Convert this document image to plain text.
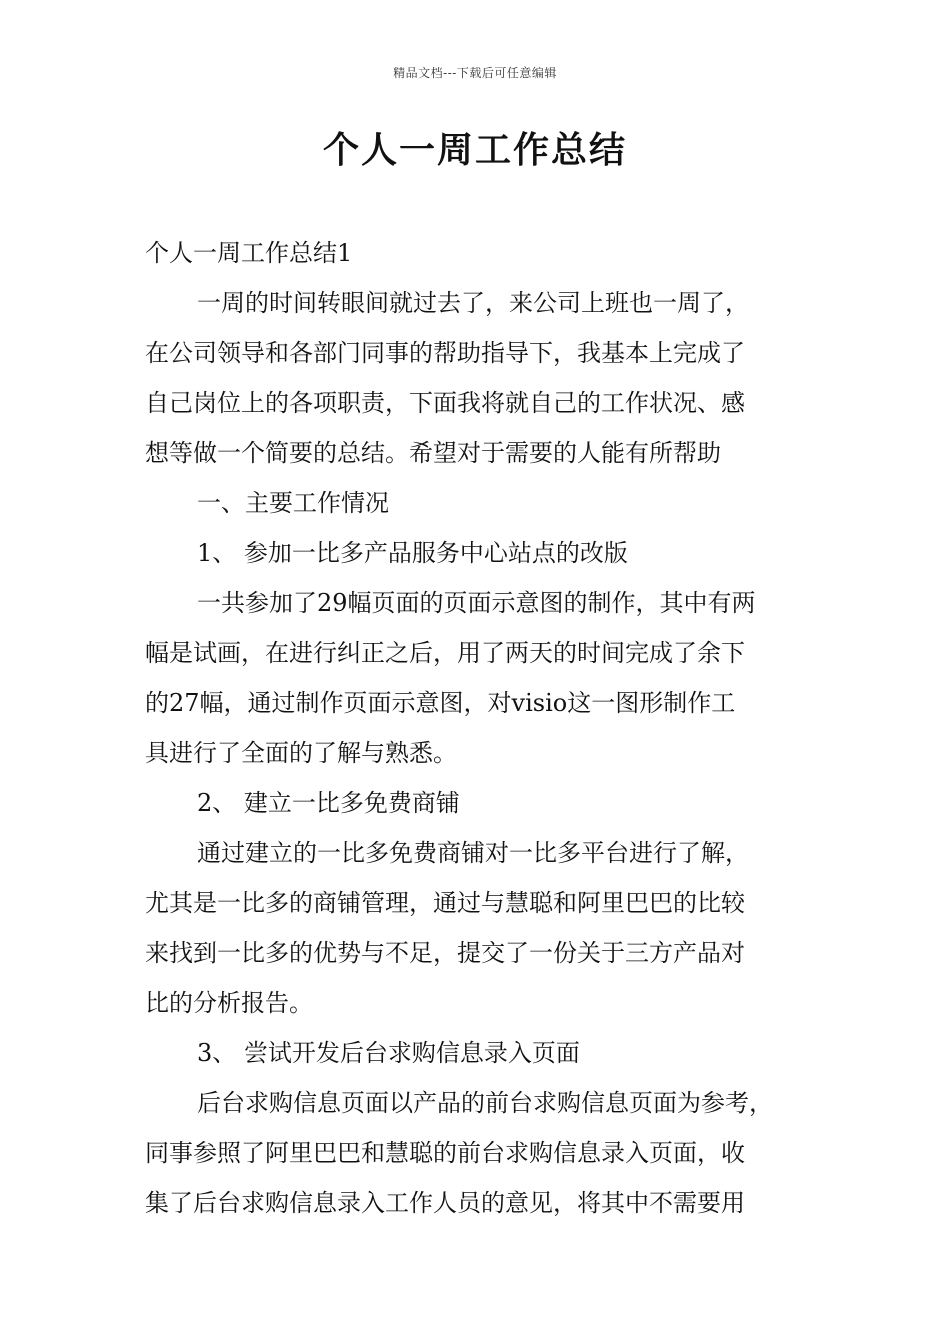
精品文档---下载后可任意编辑
个人一周工作总结
个人一周工作总结1
一周的时间转眼间就过去了，来公司上班也一周了，
在公司领导和各部门同事的帮助指导下，我基本上完成了
自己岗位上的各项职责，下面我将就自己的工作状况、感
想等做一个简要的总结。希望对于需要的人能有所帮助
一、主要工作情况
1、 参加一比多产品服务中心站点的改版
一共参加了29幅页面的页面示意图的制作，其中有两
幅是试画，在进行纠正之后，用了两天的时间完成了余下
的27幅，通过制作页面示意图，对visio这一图形制作工
具进行了全面的了解与熟悉。
2、 建立一比多免费商铺
通过建立的一比多免费商铺对一比多平台进行了解，
尤其是一比多的商铺管理，通过与慧聪和阿里巴巴的比较
来找到一比多的优势与不足，提交了一份关于三方产品对
比的分析报告。
3、 尝试开发后台求购信息录入页面
后台求购信息页面以产品的前台求购信息页面为参考，
同事参照了阿里巴巴和慧聪的前台求购信息录入页面，收
集了后台求购信息录入工作人员的意见，将其中不需要用
